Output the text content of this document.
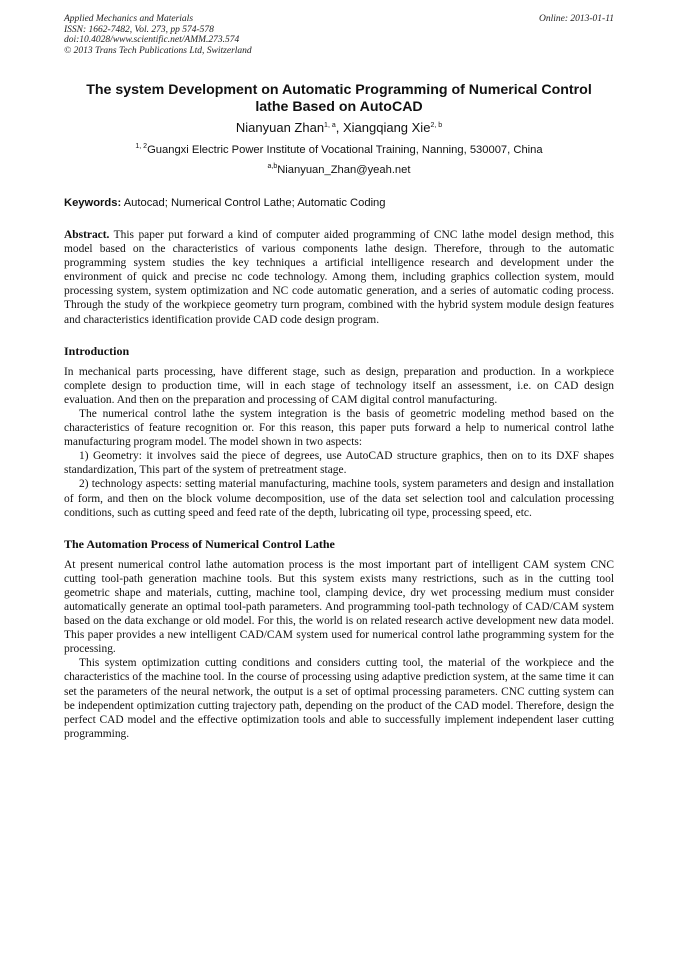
Applied Mechanics and Materials
ISSN: 1662-7482, Vol. 273, pp 574-578
doi:10.4028/www.scientific.net/AMM.273.574
© 2013 Trans Tech Publications Ltd, Switzerland
Online: 2013-01-11
The system Development on Automatic Programming of Numerical Control lathe Based on AutoCAD
Nianyuan Zhan$^{1, a}$, Xiangqiang Xie$^{2, b}$
$^{1, 2}$Guangxi Electric Power Institute of Vocational Training, Nanning, 530007, China
$^{a,b}$Nianyuan_Zhan@yeah.net
Keywords: Autocad; Numerical Control Lathe; Automatic Coding

Abstract. This paper put forward a kind of computer aided programming of CNC lathe model design method, this model based on the characteristics of various components lathe design. Therefore, through to the automatic programming system studies the key techniques a artificial intelligence research and development under the environment of quick and precise nc code technology. Among them, including graphics collection system, mould processing system, system optimization and NC code automatic generation, and a series of automatic coding process. Through the study of the workpiece geometry turn program, combined with the hybrid system module design features and characteristics identification provide CAD code design program.

Introduction

In mechanical parts processing, have different stage, such as design, preparation and production. In a workpiece complete design to production time, will in each stage of technology itself an assessment, i.e. on CAD design evaluation. And then on the preparation and processing of CAM digital control manufacturing.

The numerical control lathe the system integration is the basis of geometric modeling method based on the characteristics of feature recognition or. For this reason, this paper puts forward a help to numerical control lathe manufacturing program model. The model shown in two aspects:

1) Geometry: it involves said the piece of degrees, use AutoCAD structure graphics, then on to its DXF shapes standardization, This part of the system of pretreatment stage.

2) technology aspects: setting material manufacturing, machine tools, system parameters and design and installation of form, and then on the block volume decomposition, use of the data set selection tool and calculation processing conditions, such as cutting speed and feed rate of the depth, lubricating oil type, processing speed, etc.

The Automation Process of Numerical Control Lathe

At present numerical control lathe automation process is the most important part of intelligent CAM system CNC cutting tool-path generation machine tools. But this system exists many restrictions, such as in the cutting tool geometric shape and materials, cutting, machine tool, clamping device, dry wet processing medium must consider automatically generate an optimal tool-path parameters. And programming tool-path technology of CAD/CAM system based on the data exchange or old model. For this, the world is on related research active development new data model. This paper provides a new intelligent CAD/CAM system used for numerical control lathe programming system for the processing.

This system optimization cutting conditions and considers cutting tool, the material of the workpiece and the characteristics of the machine tool. In the course of processing using adaptive prediction system, at the same time it can set the parameters of the neural network, the output is a set of optimal processing parameters. CNC cutting system can be independent optimization cutting trajectory path, depending on the product of the CAD model. Therefore, design the perfect CAD model and the effective optimization tools and able to successfully implement independent laser cutting programming.
